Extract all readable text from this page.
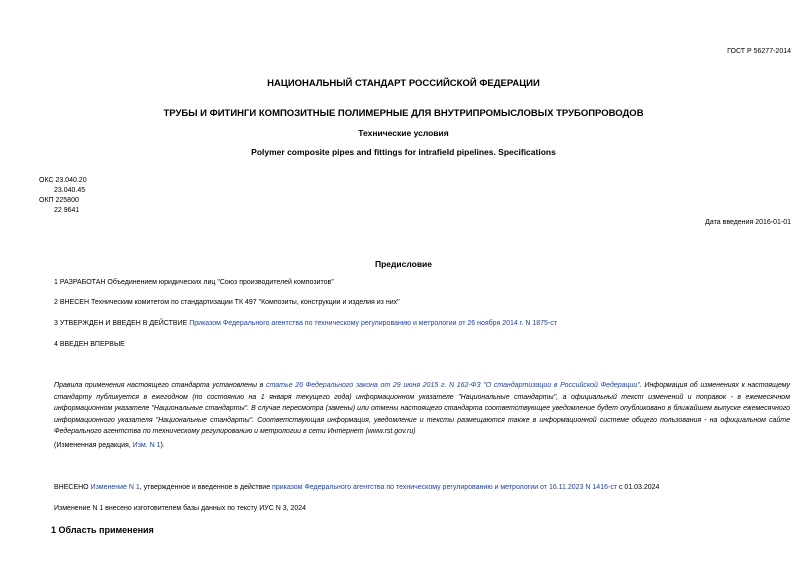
ГОСТ Р 56277-2014
НАЦИОНАЛЬНЫЙ СТАНДАРТ РОССИЙСКОЙ ФЕДЕРАЦИИ
ТРУБЫ И ФИТИНГИ КОМПОЗИТНЫЕ ПОЛИМЕРНЫЕ ДЛЯ ВНУТРИПРОМЫСЛОВЫХ ТРУБОПРОВОДОВ
Технические условия
Polymer composite pipes and fittings for intrafield pipelines. Specifications
ОКС 23.040.20
23.040.45
ОКП 225800
22 9641
Дата введения 2016-01-01
Предисловие
1 РАЗРАБОТАН Объединением юридических лиц "Союз производителей композитов"
2 ВНЕСЕН Техническим комитетом по стандартизации ТК 497 "Композиты, конструкции и изделия из них"
3 УТВЕРЖДЕН И ВВЕДЕН В ДЕЙСТВИЕ Приказом Федерального агентства по техническому регулированию и метрологии от 26 ноября 2014 г. N 1875-ст
4 ВВЕДЕН ВПЕРВЫЕ
Правила применения настоящего стандарта установлены в статье 26 Федерального закона от 29 июня 2015 г. N 162-ФЗ "О стандартизации в Российской Федерации". Информация об изменениях к настоящему стандарту публикуется в ежегодном (по состоянию на 1 января текущего года) информационном указателе "Национальные стандарты", а официальный текст изменений и поправок - в ежемесячном информационном указателе "Национальные стандарты". В случае пересмотра (замены) или отмены настоящего стандарта соответствующее уведомление будет опубликовано в ближайшем выпуске ежемесячного информационного указателя "Национальные стандарты". Соответствующая информация, уведомление и тексты размещаются также в информационной системе общего пользования - на официальном сайте Федерального агентства по техническому регулированию и метрологии в сети Интернет (www.rst.gov.ru)
(Измененная редакция, Изм. N 1).
ВНЕСЕНО Изменение N 1, утвержденное и введенное в действие приказом Федерального агентства по техническому регулированию и метрологии от 16.11.2023 N 1416-ст с 01.03.2024
Изменение N 1 внесено изготовителем базы данных по тексту ИУС N 3, 2024
1 Область применения
